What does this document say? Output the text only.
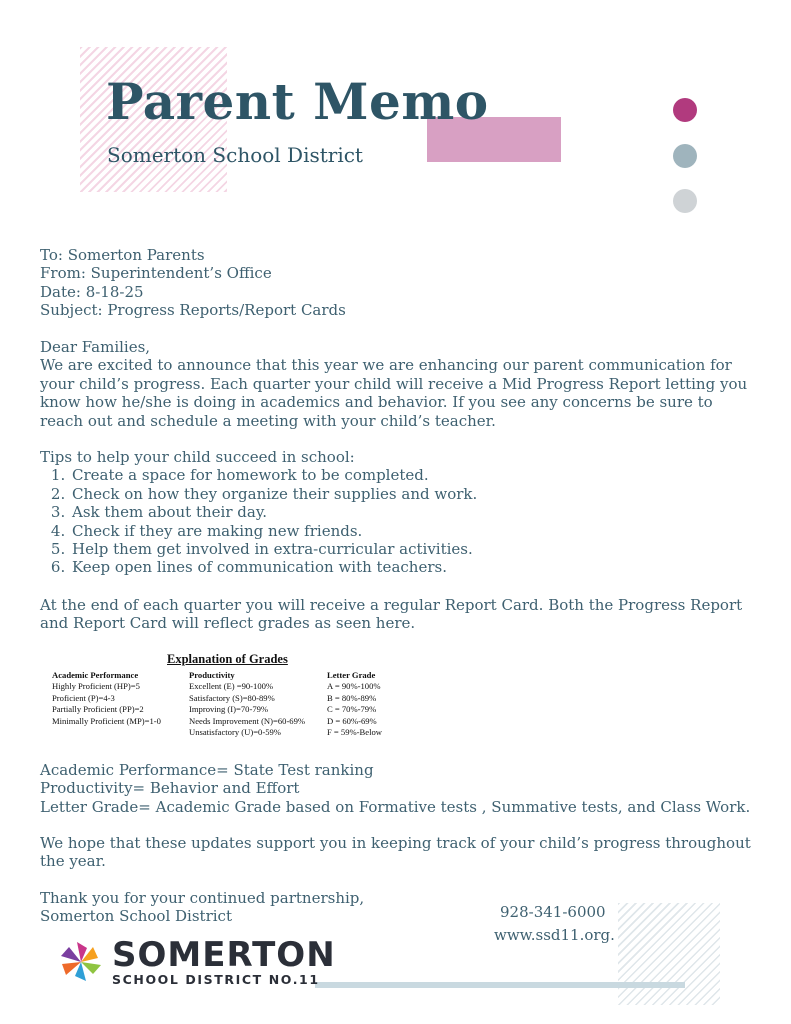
Parent Memo
Somerton School District
To: Somerton Parents
From: Superintendent’s Office
Date: 8-18-25
Subject: Progress Reports/Report Cards
Dear Families,
We are excited to announce that this year we are enhancing our parent communication for
your child’s progress. Each quarter your child will receive a Mid Progress Report letting you
know how he/she is doing in academics and behavior. If you see any concerns be sure to
reach out and schedule a meeting with your child’s teacher.
Tips to help your child succeed in school:
1. Create a space for homework to be completed.
2. Check on how they organize their supplies and work.
3. Ask them about their day.
4. Check if they are making new friends.
5. Help them get involved in extra-curricular activities.
6. Keep open lines of communication with teachers.
At the end of each quarter you will receive a regular Report Card. Both the Progress Report
and Report Card will reflect grades as seen here.
Explanation of Grades
Academic Performance
Highly Proficient (HP)=5
Proficient (P)=4-3
Partially Proficient (PP)=2
Minimally Proficient (MP)=1-0
Productivity
Excellent (E) =90-100%
Satisfactory (S)=80-89%
Improving (I)=70-79%
Needs Improvement (N)=60-69%
Unsatisfactory (U)=0-59%
Letter Grade
A = 90%-100%
B = 80%-89%
C = 70%-79%
D = 60%-69%
F = 59%-Below
Academic Performance= State Test ranking
Productivity= Behavior and Effort
Letter Grade= Academic Grade based on Formative tests , Summative tests, and Class Work.
We hope that these updates support you in keeping track of your child’s progress throughout
the year.
Thank you for your continued partnership,
Somerton School District	928-341-6000
www.ssd11.org.
SOMERTON
SCHOOL DISTRICT NO.11
